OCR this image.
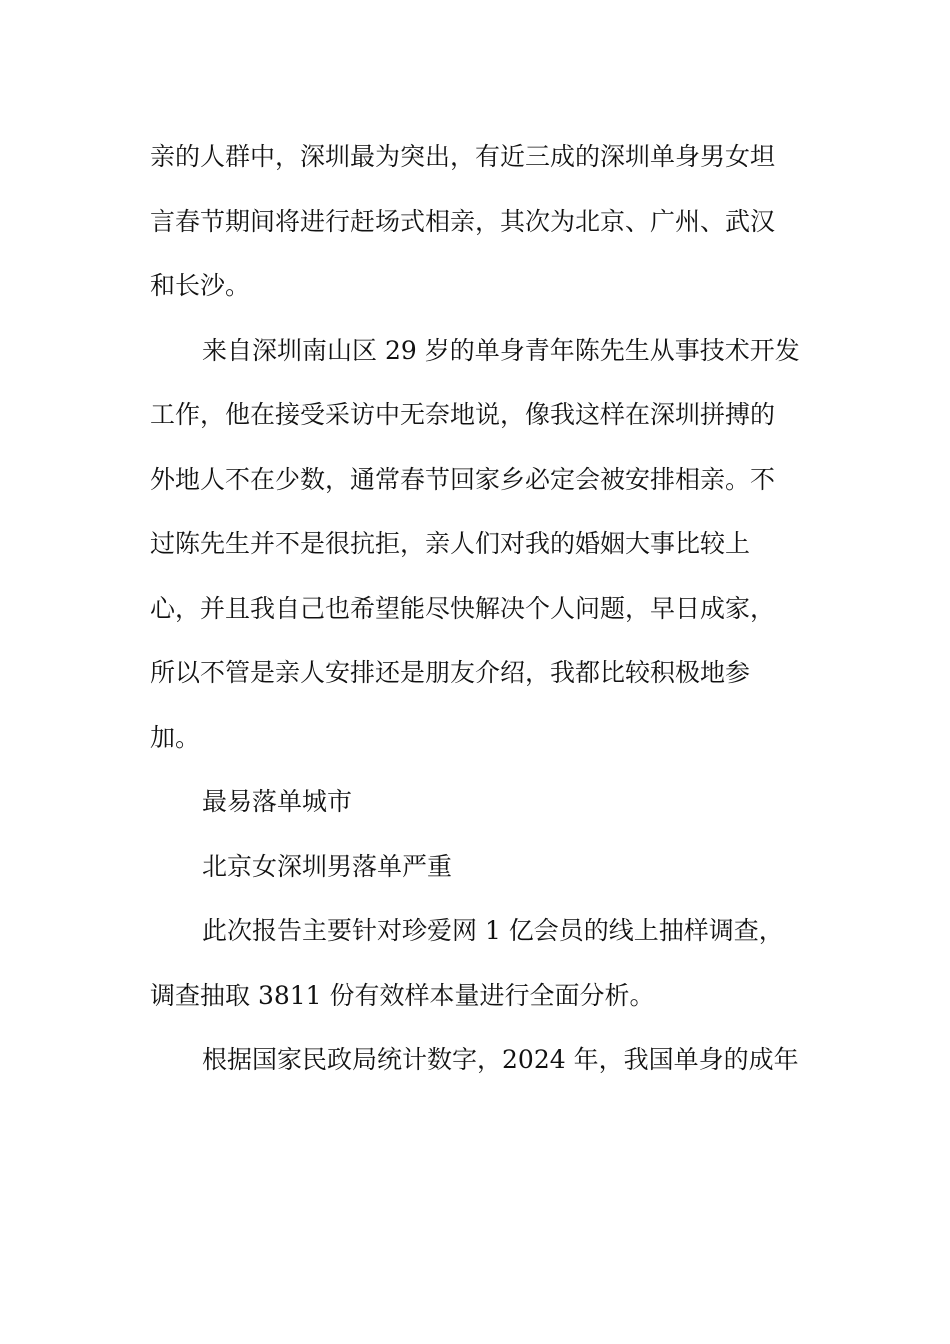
亲的人群中，深圳最为突出，有近三成的深圳单身男女坦
言春节期间将进行赶场式相亲，其次为北京、广州、武汉
和长沙。

来自深圳南山区 29 岁的单身青年陈先生从事技术开发
工作，他在接受采访中无奈地说，像我这样在深圳拼搏的
外地人不在少数，通常春节回家乡必定会被安排相亲。不
过陈先生并不是很抗拒，亲人们对我的婚姻大事比较上
心，并且我自己也希望能尽快解决个人问题，早日成家，
所以不管是亲人安排还是朋友介绍，我都比较积极地参
加。

最易落单城市

北京女深圳男落单严重

此次报告主要针对珍爱网 1 亿会员的线上抽样调查，
调查抽取 3811 份有效样本量进行全面分析。

根据国家民政局统计数字，2024 年，我国单身的成年
